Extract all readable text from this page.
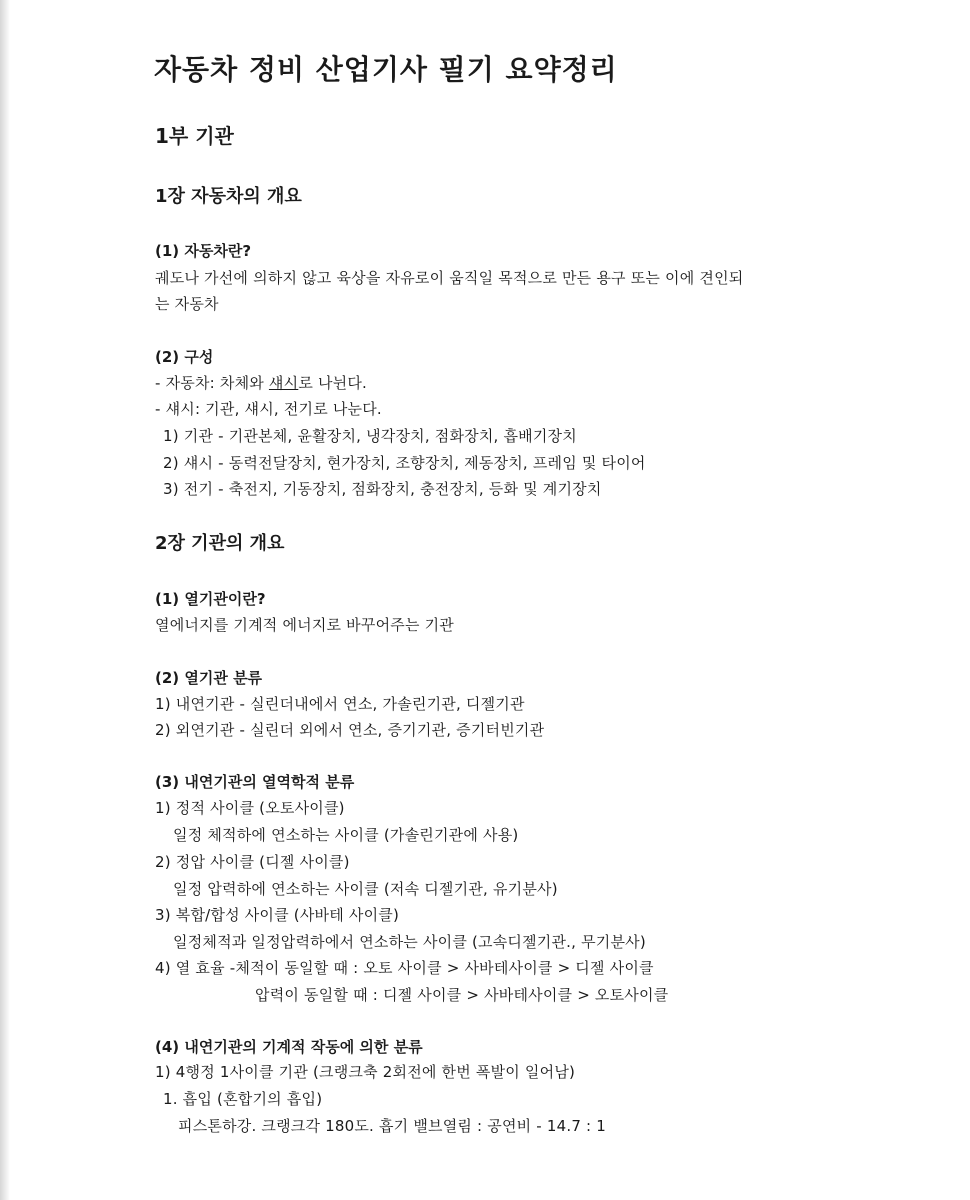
자동차 정비 산업기사 필기 요약정리
1부 기관
1장 자동차의 개요
(1) 자동차란?
궤도나 가선에 의하지 않고 육상을 자유로이 움직일 목적으로 만든 용구 또는 이에 견인되
는 자동차
(2) 구성
- 자동차: 차체와 섀시로 나뉜다.
- 섀시: 기관, 섀시, 전기로 나눈다.
1) 기관 - 기관본체, 윤활장치, 냉각장치, 점화장치, 흡배기장치
2) 섀시 - 동력전달장치, 현가장치, 조향장치, 제동장치, 프레임 및 타이어
3) 전기 - 축전지, 기동장치, 점화장치, 충전장치, 등화 및 계기장치
2장 기관의 개요
(1) 열기관이란?
열에너지를 기계적 에너지로 바꾸어주는 기관
(2) 열기관 분류
1) 내연기관 - 실린더내에서 연소, 가솔린기관, 디젤기관
2) 외연기관 - 실린더 외에서 연소, 증기기관, 증기터빈기관
(3) 내연기관의 열역학적 분류
1) 정적 사이클 (오토사이클)
일정 체적하에 연소하는 사이클 (가솔린기관에 사용)
2) 정압 사이클 (디젤 사이클)
일정 압력하에 연소하는 사이클 (저속 디젤기관, 유기분사)
3) 복합/합성 사이클 (사바테 사이클)
일정체적과 일정압력하에서 연소하는 사이클 (고속디젤기관., 무기분사)
4) 열 효율 -체적이 동일할 때 : 오토 사이클 > 사바테사이클 > 디젤 사이클
압력이 동일할 때 : 디젤 사이클 > 사바테사이클 > 오토사이클
(4) 내연기관의 기계적 작동에 의한 분류
1) 4행정 1사이클 기관 (크랭크축 2회전에 한번 폭발이 일어남)
1. 흡입 (혼합기의 흡입)
피스톤하강. 크랭크각 180도. 흡기 밸브열림 : 공연비 - 14.7 : 1
